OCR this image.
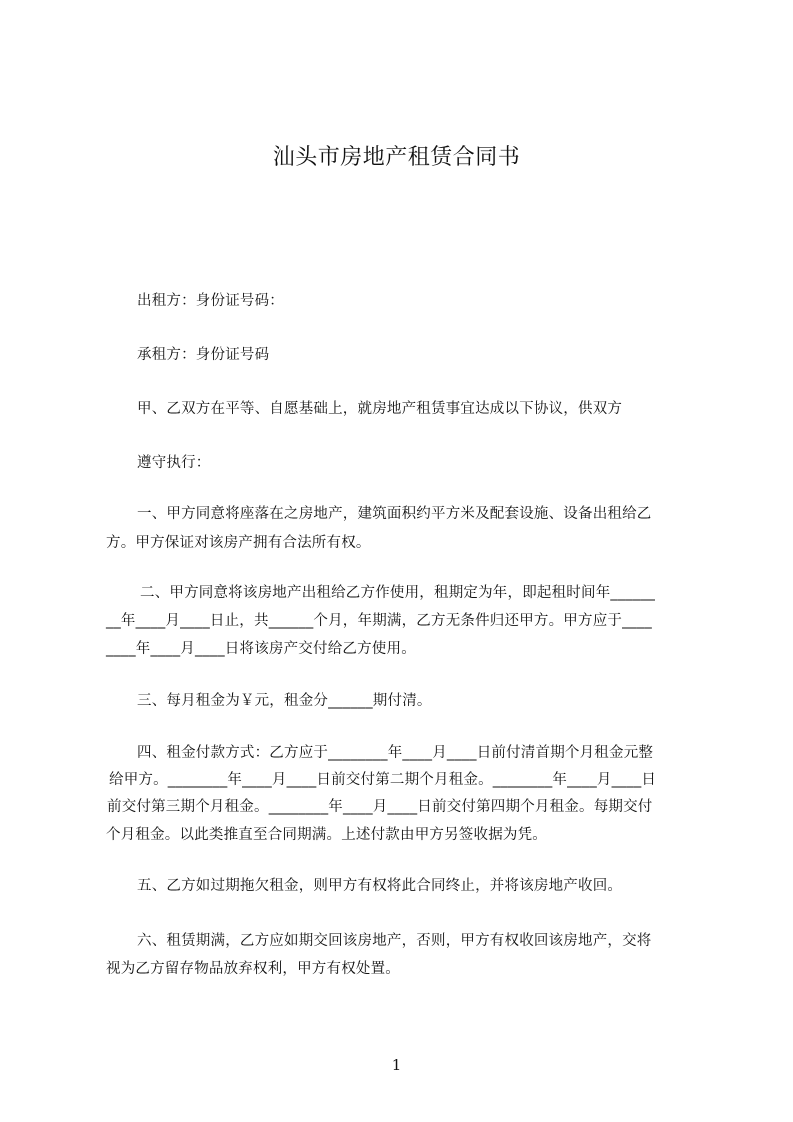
汕头市房地产租赁合同书
出租方：身份证号码：
承租方：身份证号码
甲、乙双方在平等、自愿基础上，就房地产租赁事宜达成以下协议，供双方
遵守执行：
一、甲方同意将座落在之房地产，建筑面积约平方米及配套设施、设备出租给乙
方。甲方保证对该房产拥有合法所有权。
二、甲方同意将该房地产出租给乙方作使用，租期定为年，即起租时间年______
__年____月____日止，共______个月，年期满，乙方无条件归还甲方。甲方应于____
____年____月____日将该房产交付给乙方使用。
三、每月租金为￥元，租金分______期付清。
四、租金付款方式：乙方应于________年____月____日前付清首期个月租金元整
给甲方。________年____月____日前交付第二期个月租金。________年____月____日
前交付第三期个月租金。________年____月____日前交付第四期个月租金。每期交付
个月租金。以此类推直至合同期满。上述付款由甲方另签收据为凭。
五、乙方如过期拖欠租金，则甲方有权将此合同终止，并将该房地产收回。
六、租赁期满，乙方应如期交回该房地产，否则，甲方有权收回该房地产，交将
视为乙方留存物品放弃权利，甲方有权处置。
1
